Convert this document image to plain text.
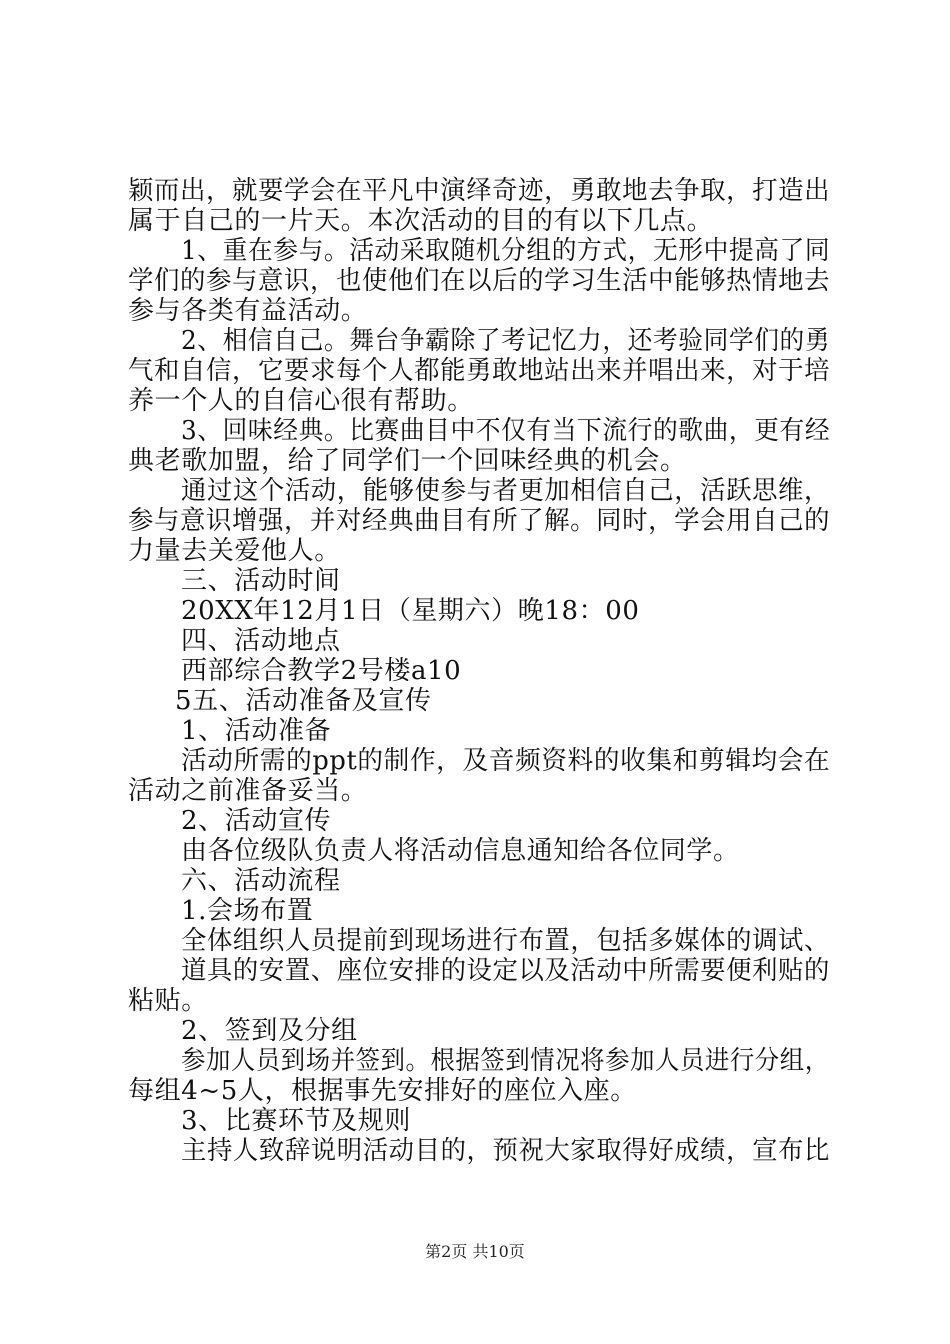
颖而出，就要学会在平凡中演绎奇迹，勇敢地去争取，打造出
属于自己的一片天。本次活动的目的有以下几点。
1、重在参与。活动采取随机分组的方式，无形中提高了同
学们的参与意识，也使他们在以后的学习生活中能够热情地去
参与各类有益活动。
2、相信自己。舞台争霸除了考记忆力，还考验同学们的勇
气和自信，它要求每个人都能勇敢地站出来并唱出来，对于培
养一个人的自信心很有帮助。
3、回味经典。比赛曲目中不仅有当下流行的歌曲，更有经
典老歌加盟，给了同学们一个回味经典的机会。
通过这个活动，能够使参与者更加相信自己，活跃思维，
参与意识增强，并对经典曲目有所了解。同时，学会用自己的
力量去关爱他人。
三、活动时间
20XX年12月1日（星期六）晚18：00
四、活动地点
西部综合教学2号楼a10
5五、活动准备及宣传
1、活动准备
活动所需的ppt的制作，及音频资料的收集和剪辑均会在
活动之前准备妥当。
2、活动宣传
由各位级队负责人将活动信息通知给各位同学。
六、活动流程
1.会场布置
全体组织人员提前到现场进行布置，包括多媒体的调试、
道具的安置、座位安排的设定以及活动中所需要便利贴的
粘贴。
2、签到及分组
参加人员到场并签到。根据签到情况将参加人员进行分组，
每组4~5人，根据事先安排好的座位入座。
3、比赛环节及规则
主持人致辞说明活动目的，预祝大家取得好成绩，宣布比
第2页 共10页
